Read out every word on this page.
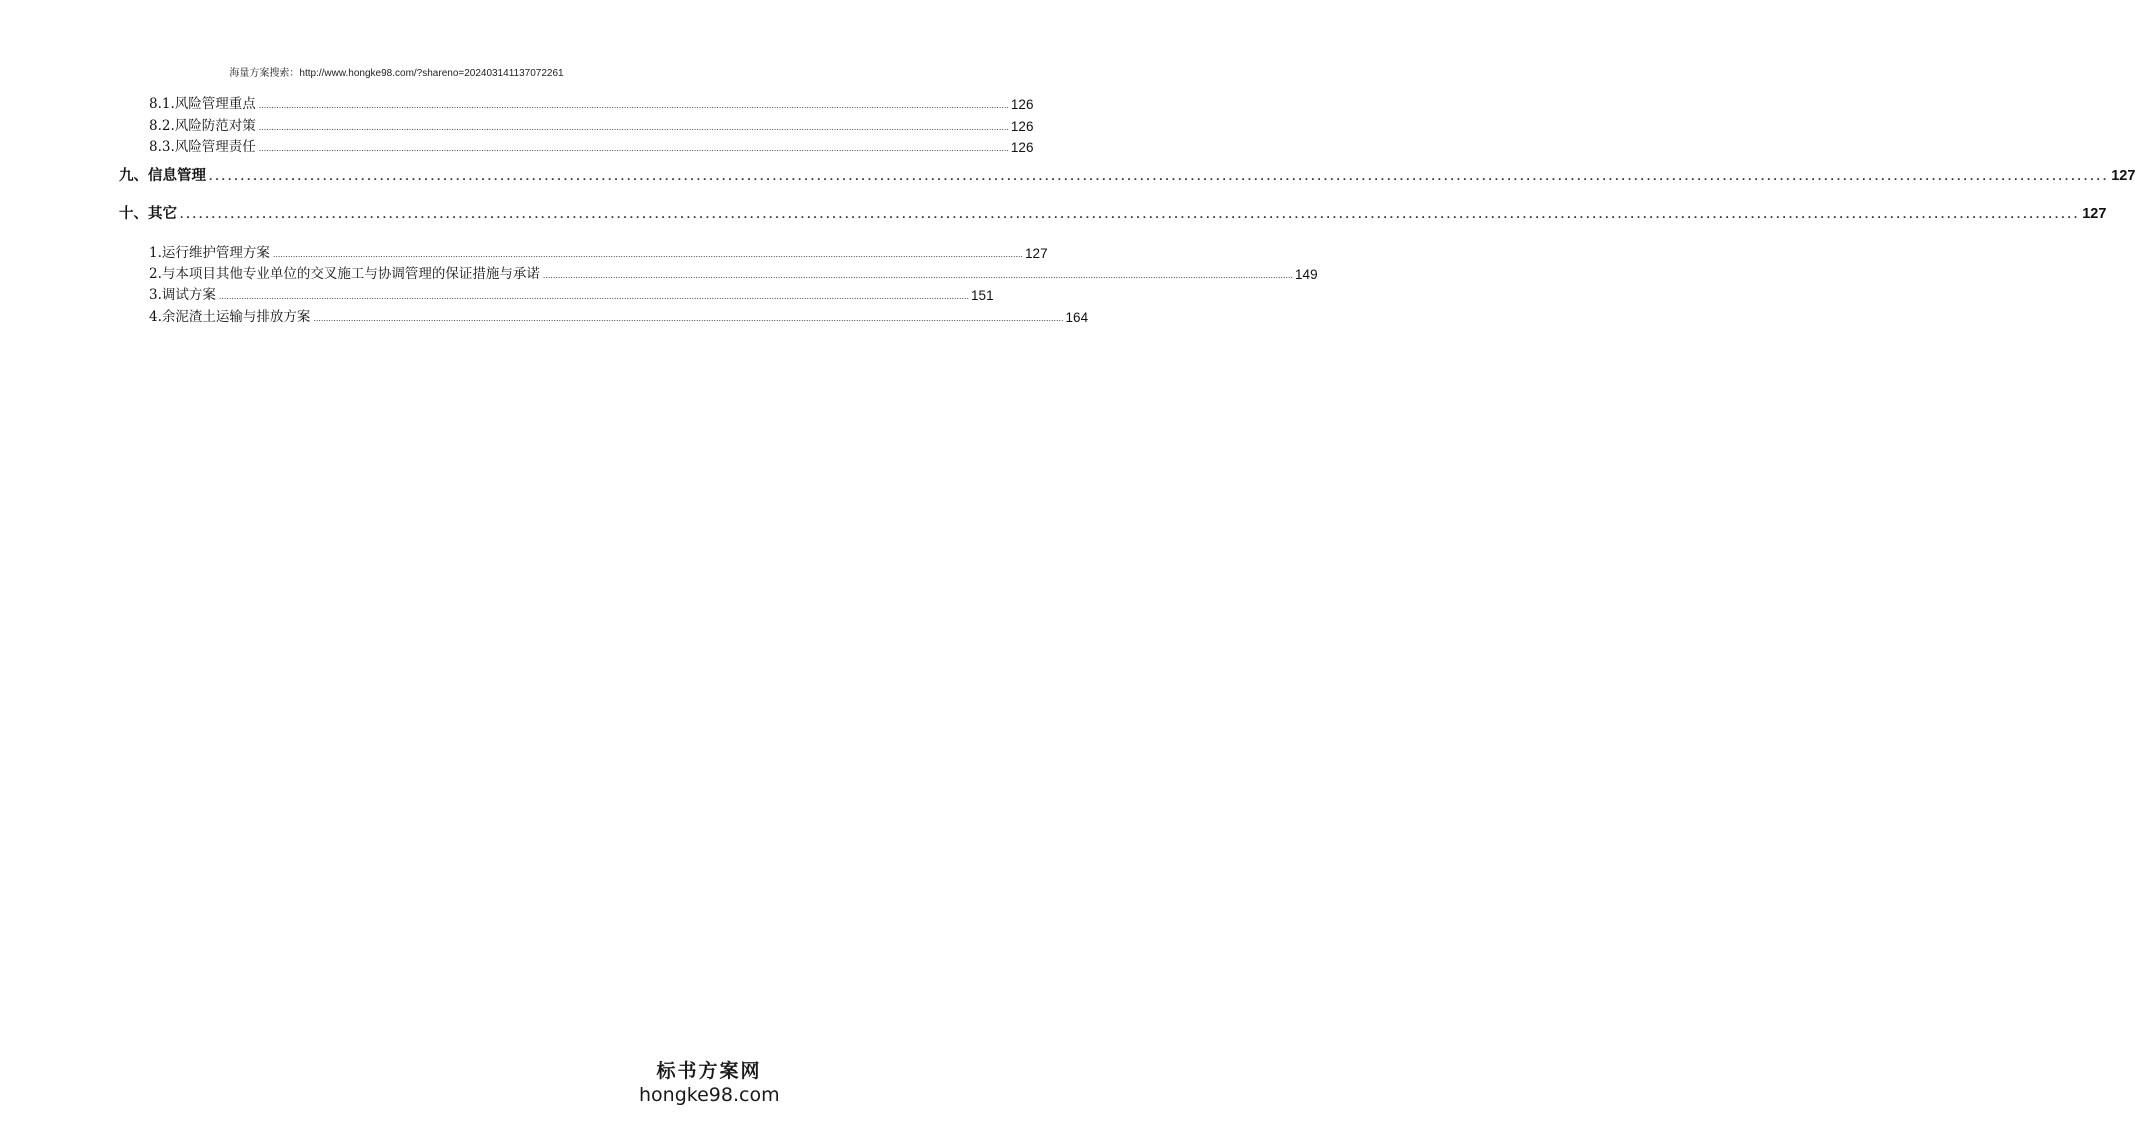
海量方案搜索：http://www.hongke98.com/?shareno=202403141137072261
8.1.风险管理重点 ............................................................................................................................................................................................................................................................................................................ 126
8.2.风险防范对策 ............................................................................................................................................................................................................................................................................................................ 126
8.3.风险管理责任 ............................................................................................................................................................................................................................................................................................................ 126
九、信息管理 ............................................................................................................................................................................................................................................................................................................ 127
十、其它 ............................................................................................................................................................................................................................................................................................................ 127
1.运行维护管理方案 ............................................................................................................................................................................................................................................................................................................ 127
2.与本项目其他专业单位的交叉施工与协调管理的保证措施与承诺 ............................................................................................................................................................................................................................................................................................................ 149
3.调试方案 ............................................................................................................................................................................................................................................................................................................ 151
4.余泥渣土运输与排放方案 ............................................................................................................................................................................................................................................................................................................ 164
标书方案网
hongke98.com
